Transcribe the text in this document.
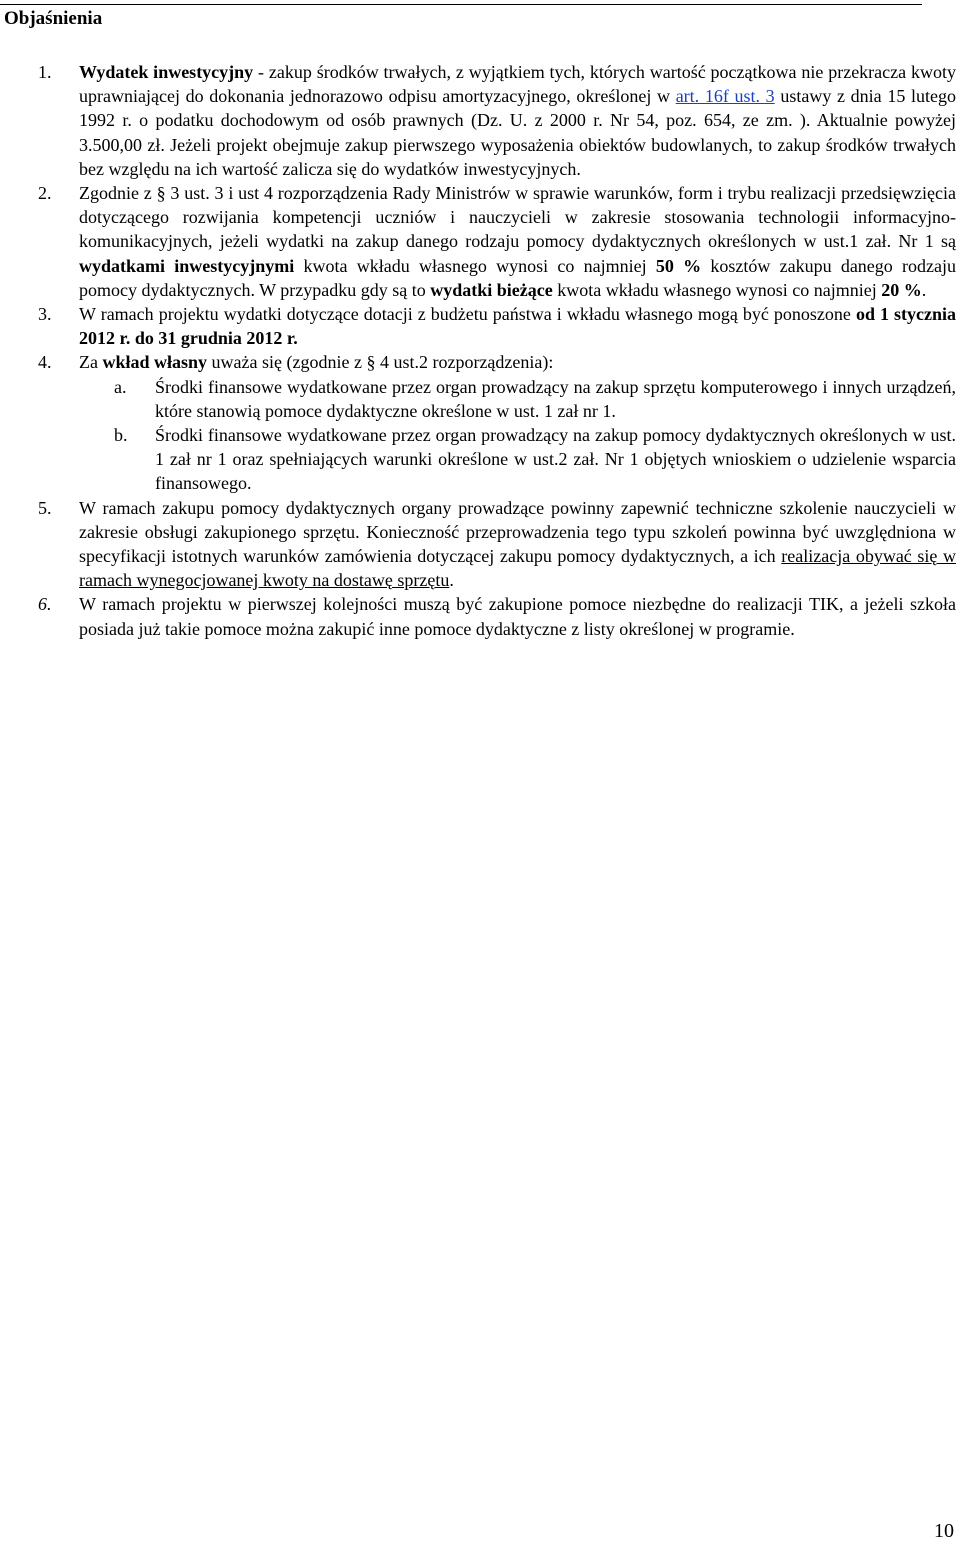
Objaśnienia
1. Wydatek inwestycyjny - zakup środków trwałych, z wyjątkiem tych, których wartość początkowa nie przekracza kwoty uprawniającej do dokonania jednorazowo odpisu amortyzacyjnego, określonej w art. 16f ust. 3 ustawy z dnia 15 lutego 1992 r. o podatku dochodowym od osób prawnych (Dz. U. z 2000 r. Nr 54, poz. 654, ze zm. ). Aktualnie powyżej 3.500,00 zł. Jeżeli projekt obejmuje zakup pierwszego wyposażenia obiektów budowlanych, to zakup środków trwałych bez względu na ich wartość zalicza się do wydatków inwestycyjnych.
2. Zgodnie z § 3 ust. 3 i ust 4 rozporządzenia Rady Ministrów w sprawie warunków, form i trybu realizacji przedsięwzięcia dotyczącego rozwijania kompetencji uczniów i nauczycieli w zakresie stosowania technologii informacyjno-komunikacyjnych, jeżeli wydatki na zakup danego rodzaju pomocy dydaktycznych określonych w ust.1 zał. Nr 1 są wydatkami inwestycyjnymi kwota wkładu własnego wynosi co najmniej 50 % kosztów zakupu danego rodzaju pomocy dydaktycznych. W przypadku gdy są to wydatki bieżące kwota wkładu własnego wynosi co najmniej 20 %.
3. W ramach projektu wydatki dotyczące dotacji z budżetu państwa i wkładu własnego mogą być ponoszone od 1 stycznia 2012 r. do 31 grudnia 2012 r.
4. Za wkład własny uważa się (zgodnie z § 4 ust.2 rozporządzenia):
a. Środki finansowe wydatkowane przez organ prowadzący na zakup sprzętu komputerowego i innych urządzeń, które stanowią pomoce dydaktyczne określone w ust. 1 zał nr 1.
b. Środki finansowe wydatkowane przez organ prowadzący na zakup pomocy dydaktycznych określonych w ust. 1 zał nr 1 oraz spełniających warunki określone w ust.2 zał. Nr 1 objętych wnioskiem o udzielenie wsparcia finansowego.
5. W ramach zakupu pomocy dydaktycznych organy prowadzące powinny zapewnić techniczne szkolenie nauczycieli w zakresie obsługi zakupionego sprzętu. Konieczność przeprowadzenia tego typu szkoleń powinna być uwzględniona w specyfikacji istotnych warunków zamówienia dotyczącej zakupu pomocy dydaktycznych, a ich realizacja obywać się w ramach wynegocjowanej kwoty na dostawę sprzętu.
6. W ramach projektu w pierwszej kolejności muszą być zakupione pomoce niezbędne do realizacji TIK, a jeżeli szkoła posiada już takie pomoce można zakupić inne pomoce dydaktyczne z listy określonej w programie.
10
